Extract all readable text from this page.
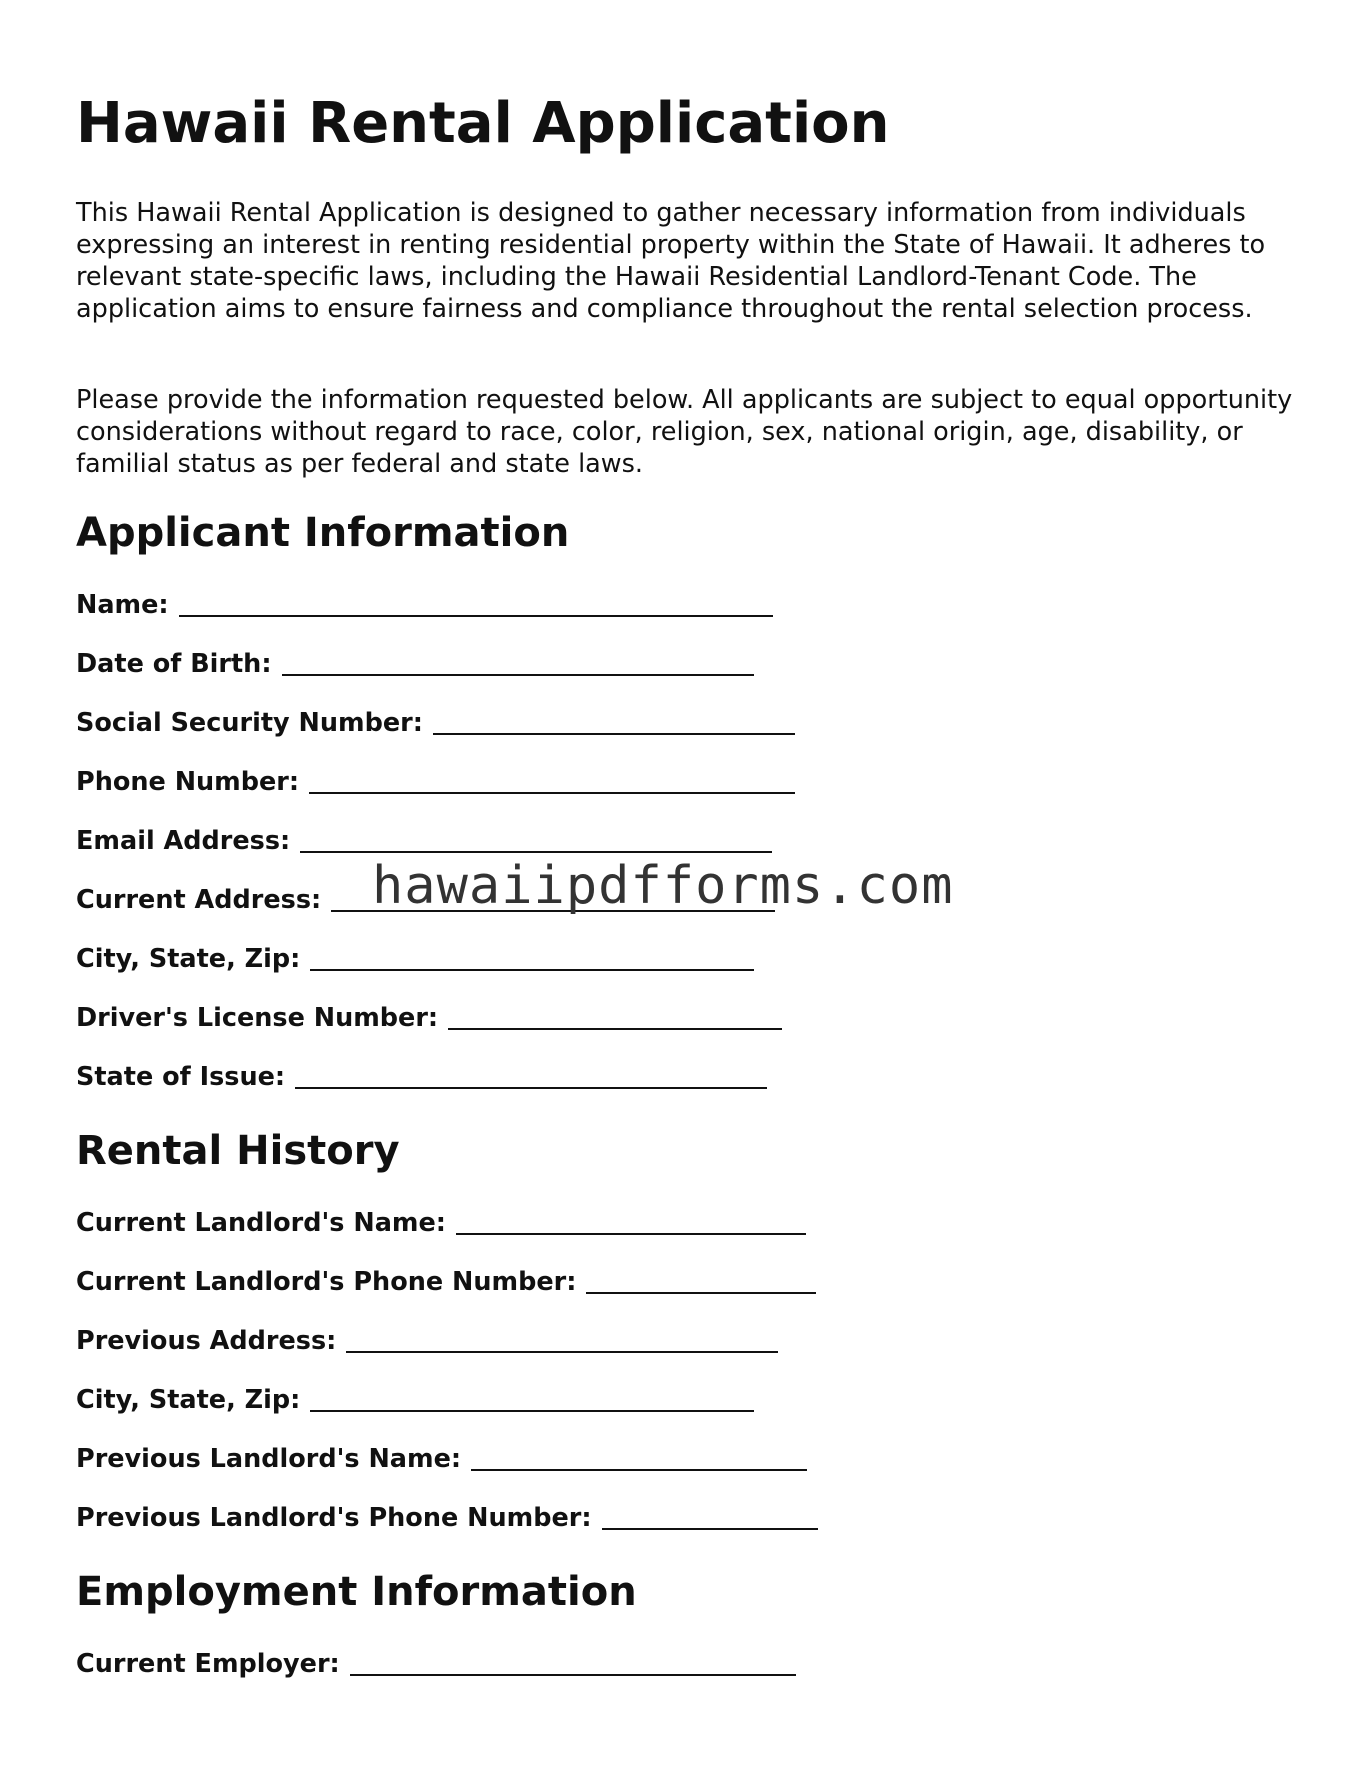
Hawaii Rental Application

This Hawaii Rental Application is designed to gather necessary information from individuals expressing an interest in renting residential property within the State of Hawaii. It adheres to relevant state-specific laws, including the Hawaii Residential Landlord-Tenant Code. The application aims to ensure fairness and compliance throughout the rental selection process.

Please provide the information requested below. All applicants are subject to equal opportunity considerations without regard to race, color, religion, sex, national origin, age, disability, or familial status as per federal and state laws.

Applicant Information
Name:
Date of Birth:
Social Security Number:
Phone Number:
Email Address:
Current Address:
City, State, Zip:
Driver's License Number:
State of Issue:
Rental History
Current Landlord's Name:
Current Landlord's Phone Number:
Previous Address:
City, State, Zip:
Previous Landlord's Name:
Previous Landlord's Phone Number:
Employment Information
Current Employer:
hawaiipdfforms.com
